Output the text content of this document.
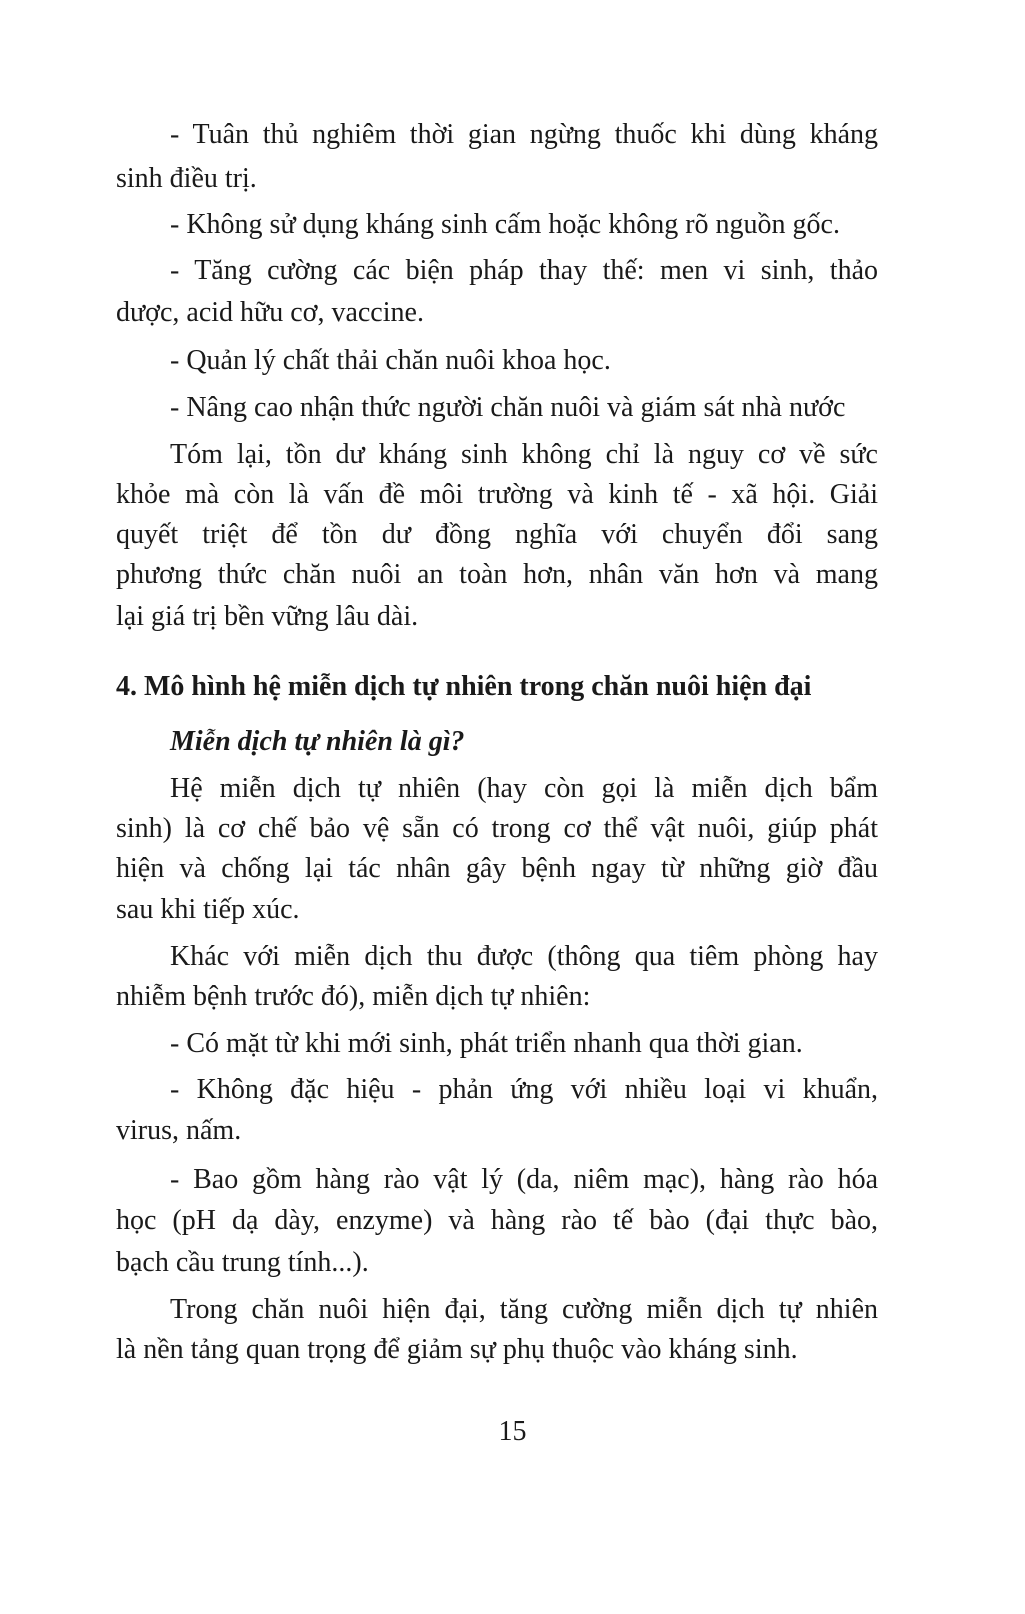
- Tuân thủ nghiêm thời gian ngừng thuốc khi dùng kháng
sinh điều trị.
- Không sử dụng kháng sinh cấm hoặc không rõ nguồn gốc.
- Tăng cường các biện pháp thay thế: men vi sinh, thảo
dược, acid hữu cơ, vaccine.
- Quản lý chất thải chăn nuôi khoa học.
- Nâng cao nhận thức người chăn nuôi và giám sát nhà nước
Tóm lại, tồn dư kháng sinh không chỉ là nguy cơ về sức
khỏe mà còn là vấn đề môi trường và kinh tế - xã hội. Giải
quyết triệt để tồn dư đồng nghĩa với chuyển đổi sang
phương thức chăn nuôi an toàn hơn, nhân văn hơn và mang
lại giá trị bền vững lâu dài.
4. Mô hình hệ miễn dịch tự nhiên trong chăn nuôi hiện đại
Miễn dịch tự nhiên là gì?
Hệ miễn dịch tự nhiên (hay còn gọi là miễn dịch bẩm
sinh) là cơ chế bảo vệ sẵn có trong cơ thể vật nuôi, giúp phát
hiện và chống lại tác nhân gây bệnh ngay từ những giờ đầu
sau khi tiếp xúc.
Khác với miễn dịch thu được (thông qua tiêm phòng hay
nhiễm bệnh trước đó), miễn dịch tự nhiên:
- Có mặt từ khi mới sinh, phát triển nhanh qua thời gian.
- Không đặc hiệu - phản ứng với nhiều loại vi khuẩn,
virus, nấm.
- Bao gồm hàng rào vật lý (da, niêm mạc), hàng rào hóa
học (pH dạ dày, enzyme) và hàng rào tế bào (đại thực bào,
bạch cầu trung tính...).
Trong chăn nuôi hiện đại, tăng cường miễn dịch tự nhiên
là nền tảng quan trọng để giảm sự phụ thuộc vào kháng sinh.
15
